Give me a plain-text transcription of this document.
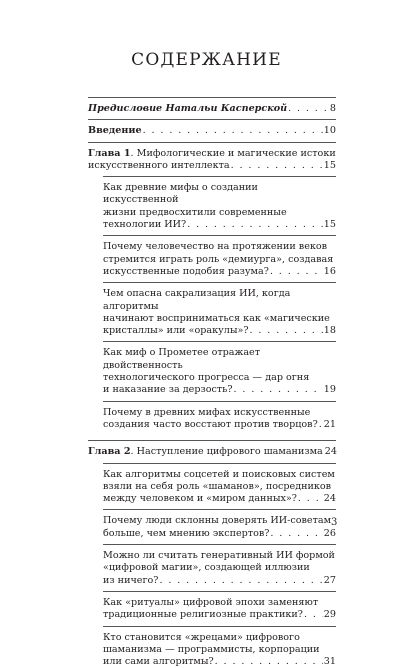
СОДЕРЖАНИЕ
Предисловие Натальи Касперской . . .	8
Введение . . .	10
Глава 1. Мифологические и магические истоки
искусственного интеллекта . . .	15
Как древние мифы о создании искусственной
жизни предвосхитили современные
технологии ИИ? . . .	15
Почему человечество на протяжении веков
стремится играть роль «демиурга», создавая
искусственные подобия разума? . . .	16
Чем опасна сакрализация ИИ, когда алгоритмы
начинают восприниматься как «магические
кристаллы» или «оракулы»? . . .	18
Как миф о Прометее отражает двойственность
технологического прогресса — дар огня
и наказание за дерзость? . . .	19
Почему в древних мифах искусственные
создания часто восстают против творцов? . . . 21
Глава 2. Наступление цифрового шаманизма 24
Как алгоритмы соцсетей и поисковых систем
взяли на себя роль «шаманов», посредников
между человеком и «миром данных»? . . .	24
Почему люди склонны доверять ИИ-советам
больше, чем мнению экспертов? . . .	26
Можно ли считать генеративный ИИ формой
«цифровой магии», создающей иллюзии
из ничего? . . .	27
Как «ритуалы» цифровой эпохи заменяют
традиционные религиозные практики? . . . 29
Кто становится «жрецами» цифрового
шаманизма — программисты, корпорации
или сами алгоритмы? . . .	31
3
